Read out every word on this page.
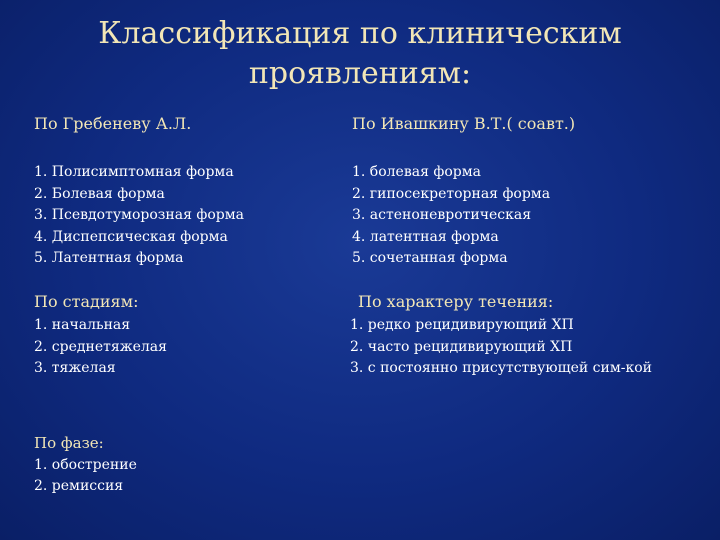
Классификация по клиническим
проявлениям:
По Гребеневу А.Л.
1. Полисимптомная форма
2. Болевая форма
3. Псевдотуморозная форма
4. Диспепсическая форма
5. Латентная форма
По Ивашкину В.Т.( соавт.)
1. болевая форма
2. гипосекреторная форма
3. астеноневротическая
4. латентная форма
5. сочетанная форма
По стадиям:
1. начальная
2. среднетяжелая
3. тяжелая
По характеру течения:
1. редко рецидивирующий ХП
2. часто рецидивирующий ХП
3. с постоянно присутствующей сим-кой
По фазе:
1. обострение
2. ремиссия
